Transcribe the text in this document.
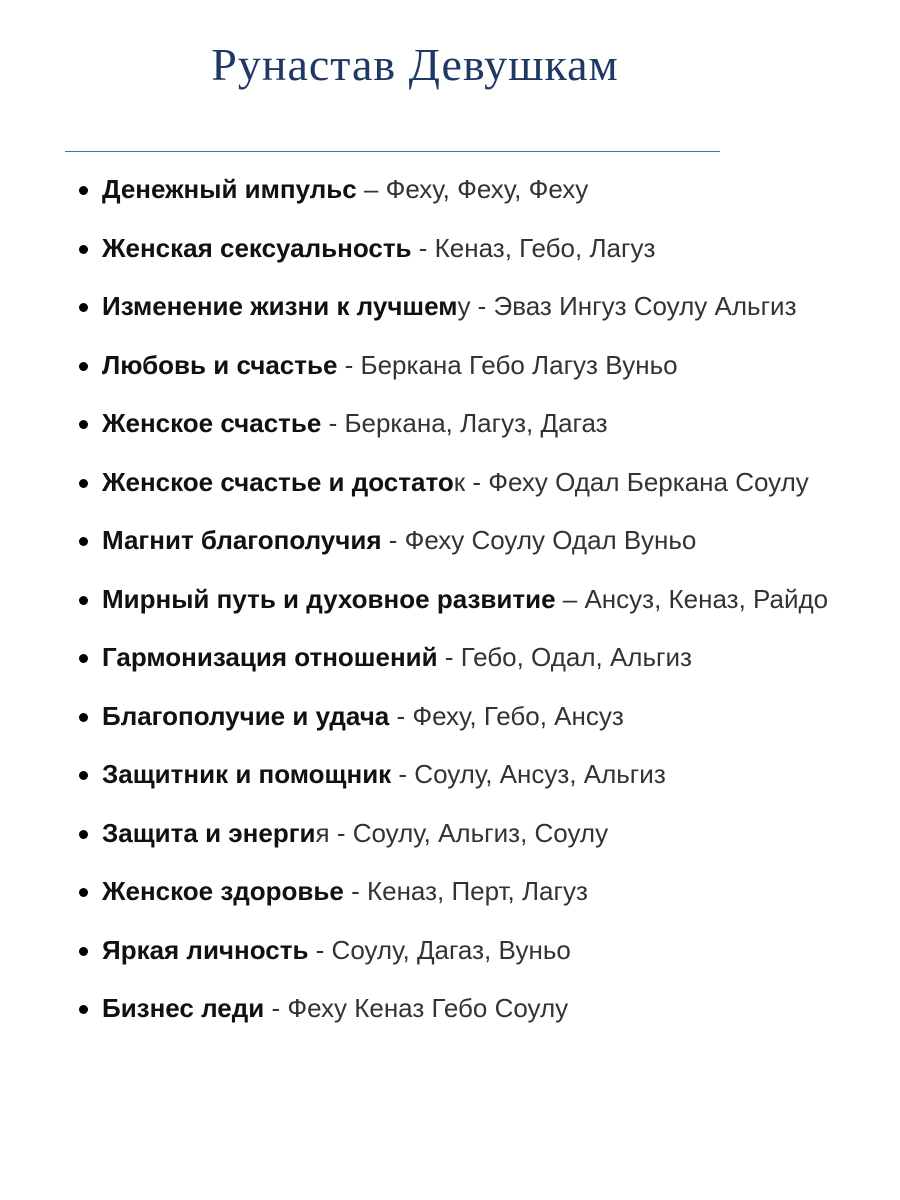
Рунастав Девушкам
Денежный импульс – Феху, Феху, Феху
Женская сексуальность - Кеназ, Гебо, Лагуз
Изменение жизни к лучшему - Эваз Ингуз Соулу Альгиз
Любовь и счастье - Беркана Гебо Лагуз Вуньо
Женское счастье - Беркана, Лагуз, Дагаз
Женское счастье и достаток - Феху Одал Беркана Соулу
Магнит благополучия - Феху Соулу Одал Вуньо
Мирный путь и духовное развитие – Ансуз, Кеназ, Райдо
Гармонизация отношений - Гебо, Одал, Альгиз
Благополучие и удача - Феху, Гебо, Ансуз
Защитник и помощник - Соулу, Ансуз, Альгиз
Защита и энергия - Соулу, Альгиз, Соулу
Женское здоровье - Кеназ, Перт, Лагуз
Яркая личность - Соулу, Дагаз, Вуньо
Бизнес леди - Феху Кеназ Гебо Соулу
